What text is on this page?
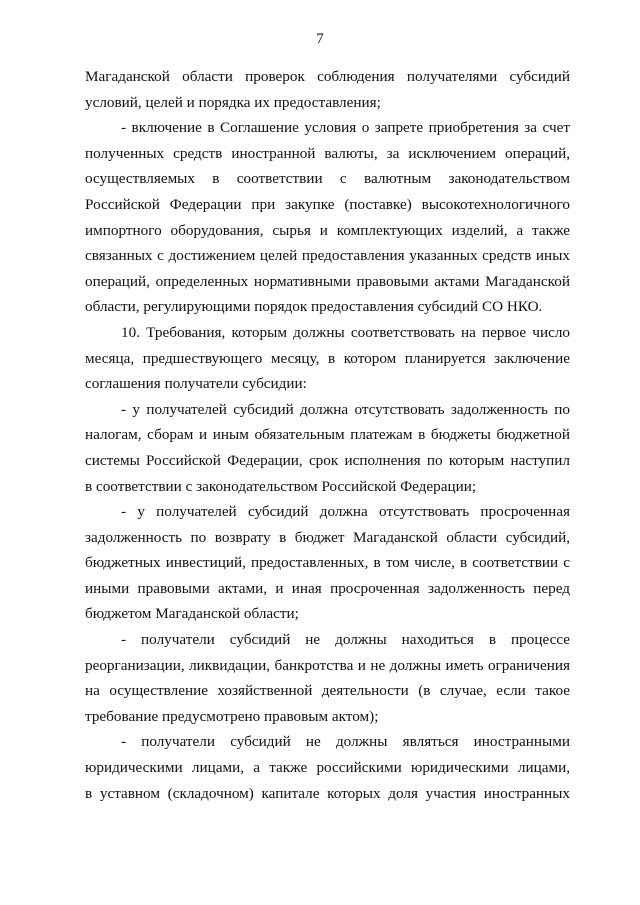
7

Магаданской области проверок соблюдения получателями субсидий
условий, целей и порядка их предоставления;

- включение в Соглашение условия о запрете приобретения за счет
полученных средств иностранной валюты, за исключением операций,
осуществляемых в соответствии с валютным законодательством
Российской Федерации при закупке (поставке) высокотехнологичного
импортного оборудования, сырья и комплектующих изделий, а также
связанных с достижением целей предоставления указанных средств иных
операций, определенных нормативными правовыми актами Магаданской
области, регулирующими порядок предоставления субсидий СО НКО.

10. Требования, которым должны соответствовать на первое число
месяца, предшествующего месяцу, в котором планируется заключение
соглашения получатели субсидии:

- у получателей субсидий должна отсутствовать задолженность по
налогам, сборам и иным обязательным платежам в бюджеты бюджетной
системы Российской Федерации, срок исполнения по которым наступил
в соответствии с законодательством Российской Федерации;

- у получателей субсидий должна отсутствовать просроченная
задолженность по возврату в бюджет Магаданской области субсидий,
бюджетных инвестиций, предоставленных, в том числе, в соответствии с
иными правовыми актами, и иная просроченная задолженность перед
бюджетом Магаданской области;

- получатели субсидий не должны находиться в процессе
реорганизации, ликвидации, банкротства и не должны иметь ограничения
на осуществление хозяйственной деятельности (в случае, если такое
требование предусмотрено правовым актом);

- получатели субсидий не должны являться иностранными
юридическими лицами, а также российскими юридическими лицами,
в уставном (складочном) капитале которых доля участия иностранных
